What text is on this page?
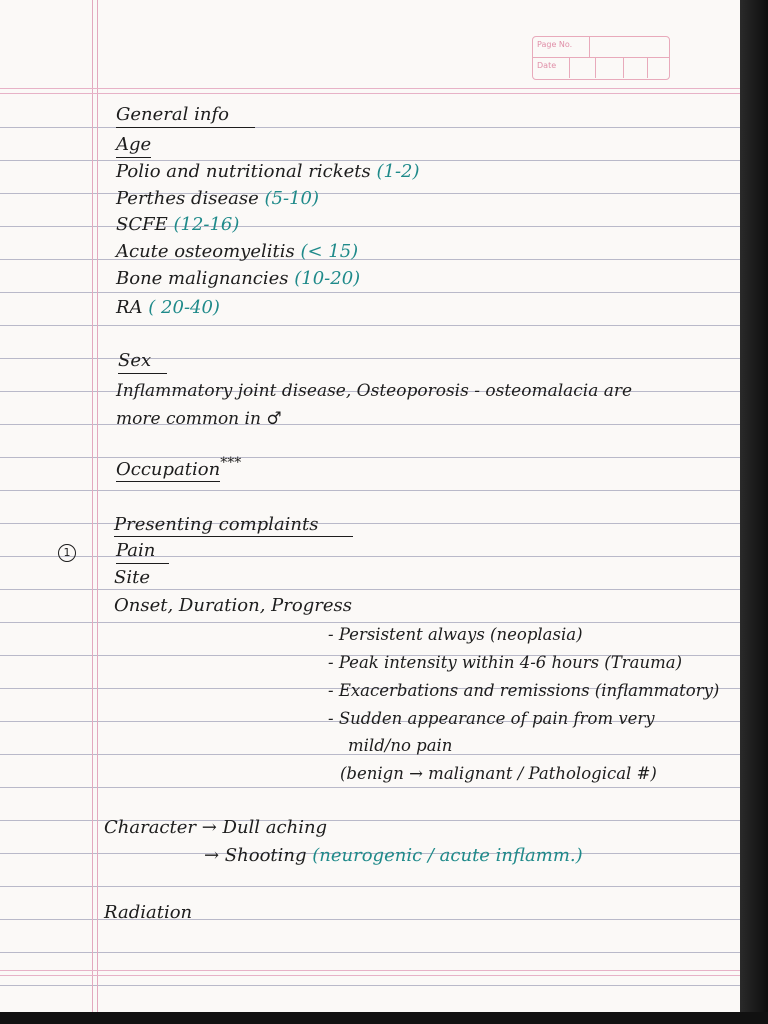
Page No.
Date
General info
Age
Polio and nutritional rickets (1-2)
Perthes disease (5-10)
SCFE (12-16)
Acute osteomyelitis (< 15)
Bone malignancies (10-20)
RA ( 20-40)
Sex
Inflammatory joint disease, Osteoporosis - osteomalacia are
more common in ♂
Occupation***
Presenting complaints
1	Pain
Site
Onset, Duration, Progress
- Persistent always (neoplasia)
- Peak intensity within 4-6 hours (Trauma)
- Exacerbations and remissions (inflammatory)
- Sudden appearance of pain from very
mild/no pain
(benign → malignant / Pathological #)
Character → Dull aching
→ Shooting (neurogenic / acute inflamm.)
Radiation
